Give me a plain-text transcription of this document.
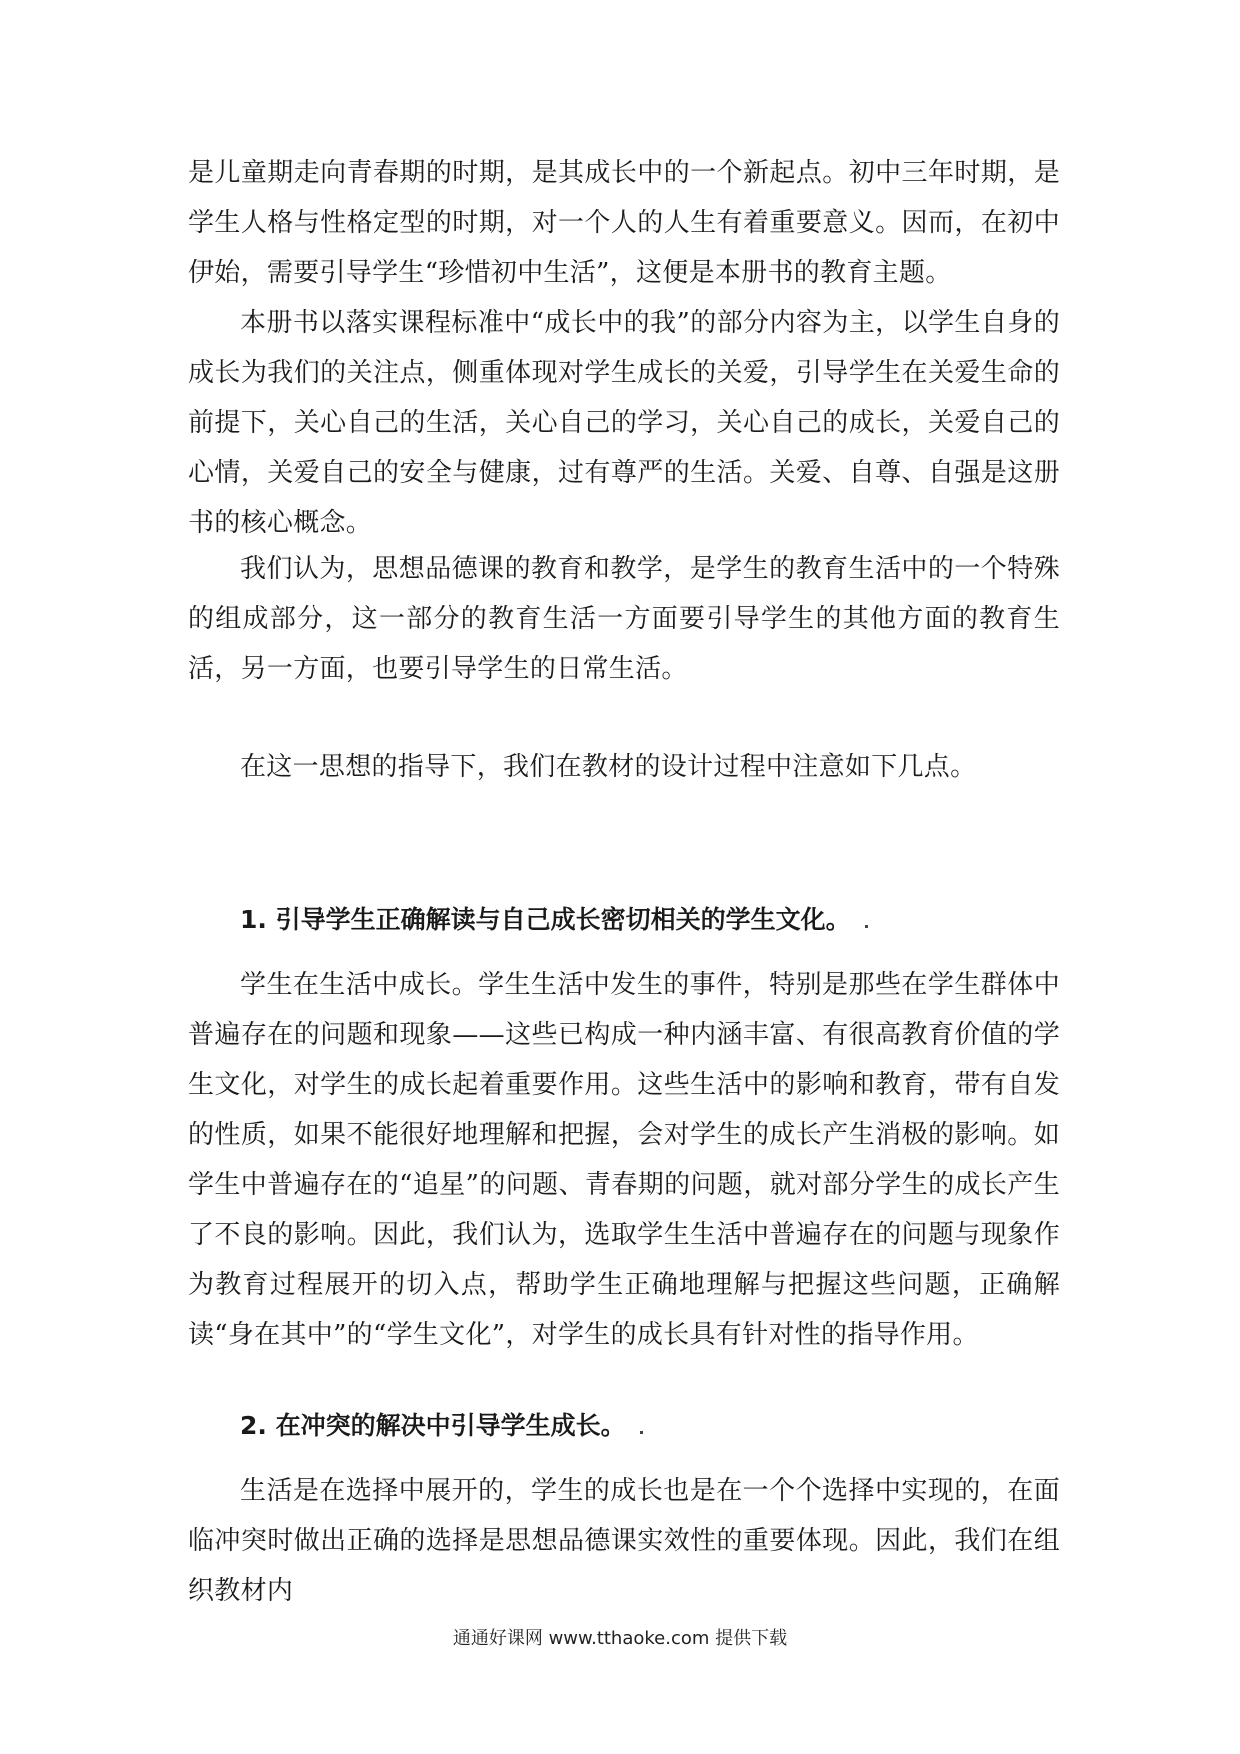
是儿童期走向青春期的时期，是其成长中的一个新起点。初中三年时期，是学生人格与性格定型的时期，对一个人的人生有着重要意义。因而，在初中伊始，需要引导学生“珍惜初中生活”，这便是本册书的教育主题。

本册书以落实课程标准中“成长中的我”的部分内容为主，以学生自身的成长为我们的关注点，侧重体现对学生成长的关爱，引导学生在关爱生命的前提下，关心自己的生活，关心自己的学习，关心自己的成长，关爱自己的心情，关爱自己的安全与健康，过有尊严的生活。关爱、自尊、自强是这册书的核心概念。

我们认为，思想品德课的教育和教学，是学生的教育生活中的一个特殊的组成部分，这一部分的教育生活一方面要引导学生的其他方面的教育生活，另一方面，也要引导学生的日常生活。

在这一思想的指导下，我们在教材的设计过程中注意如下几点。

1. 引导学生正确解读与自己成长密切相关的学生文化。

学生在生活中成长。学生生活中发生的事件，特别是那些在学生群体中普遍存在的问题和现象——这些已构成一种内涵丰富、有很高教育价值的学生文化，对学生的成长起着重要作用。这些生活中的影响和教育，带有自发的性质，如果不能很好地理解和把握，会对学生的成长产生消极的影响。如学生中普遍存在的“追星”的问题、青春期的问题，就对部分学生的成长产生了不良的影响。因此，我们认为，选取学生生活中普遍存在的问题与现象作为教育过程展开的切入点，帮助学生正确地理解与把握这些问题，正确解读“身在其中”的“学生文化”，对学生的成长具有针对性的指导作用。

2. 在冲突的解决中引导学生成长。

生活是在选择中展开的，学生的成长也是在一个个选择中实现的，在面临冲突时做出正确的选择是思想品德课实效性的重要体现。因此，我们在组织教材内

通通好课网 www.tthaoke.com 提供下载
